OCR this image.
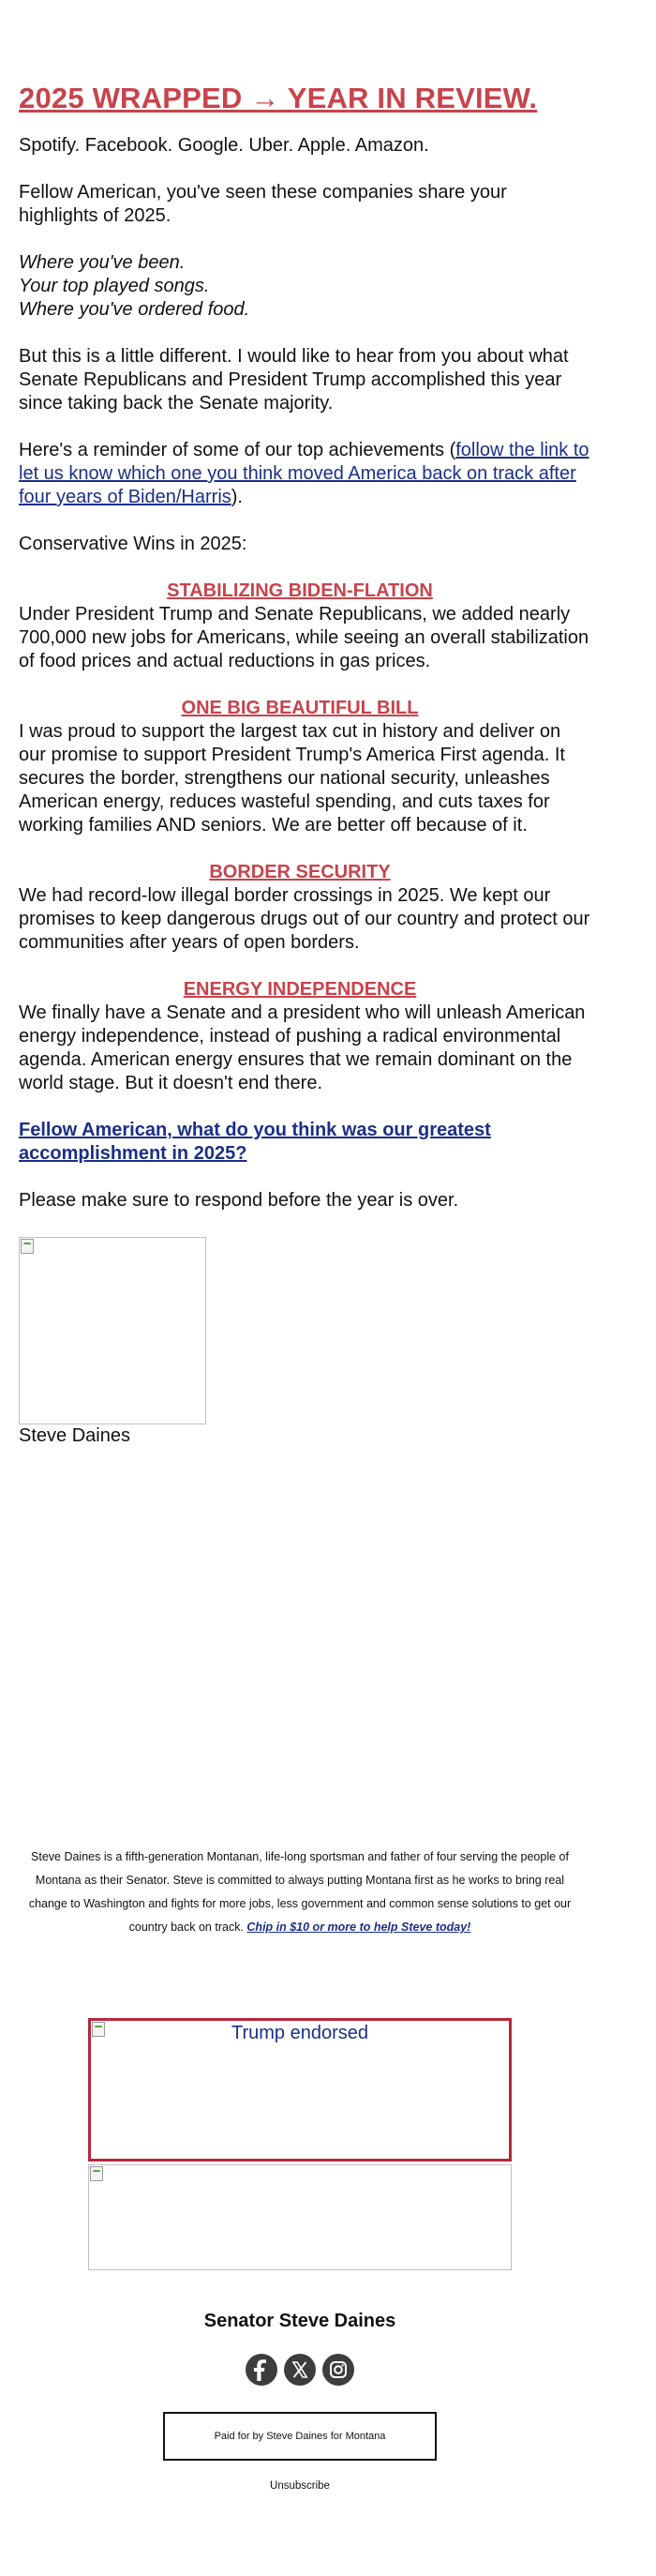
2025 WRAPPED → YEAR IN REVIEW.

Spotify. Facebook. Google. Uber. Apple. Amazon.

Fellow American, you've seen these companies share your highlights of 2025.

Where you've been.

Your top played songs.

Where you've ordered food.

But this is a little different. I would like to hear from you about what Senate Republicans and President Trump accomplished this year since taking back the Senate majority.

Here's a reminder of some of our top achievements (follow the link to let us know which one you think moved America back on track after four years of Biden/Harris).

Conservative Wins in 2025:

STABILIZING BIDEN-FLATION

Under President Trump and Senate Republicans, we added nearly 700,000 new jobs for Americans, while seeing an overall stabilization of food prices and actual reductions in gas prices.

ONE BIG BEAUTIFUL BILL

I was proud to support the largest tax cut in history and deliver on our promise to support President Trump's America First agenda. It secures the border, strengthens our national security, unleashes American energy, reduces wasteful spending, and cuts taxes for working families AND seniors. We are better off because of it.

BORDER SECURITY

We had record-low illegal border crossings in 2025. We kept our promises to keep dangerous drugs out of our country and protect our communities after years of open borders.

ENERGY INDEPENDENCE

We finally have a Senate and a president who will unleash American energy independence, instead of pushing a radical environmental agenda. American energy ensures that we remain dominant on the world stage. But it doesn't end there.

Fellow American, what do you think was our greatest accomplishment in 2025?

Please make sure to respond before the year is over.

Steve Daines

Steve Daines is a fifth-generation Montanan, life-long sportsman and father of four serving the people of Montana as their Senator. Steve is committed to always putting Montana first as he works to bring real change to Washington and fights for more jobs, less government and common sense solutions to get our country back on track. Chip in $10 or more to help Steve today!

Trump endorsed

Senator Steve Daines

Paid for by Steve Daines for Montana
Unsubscribe
